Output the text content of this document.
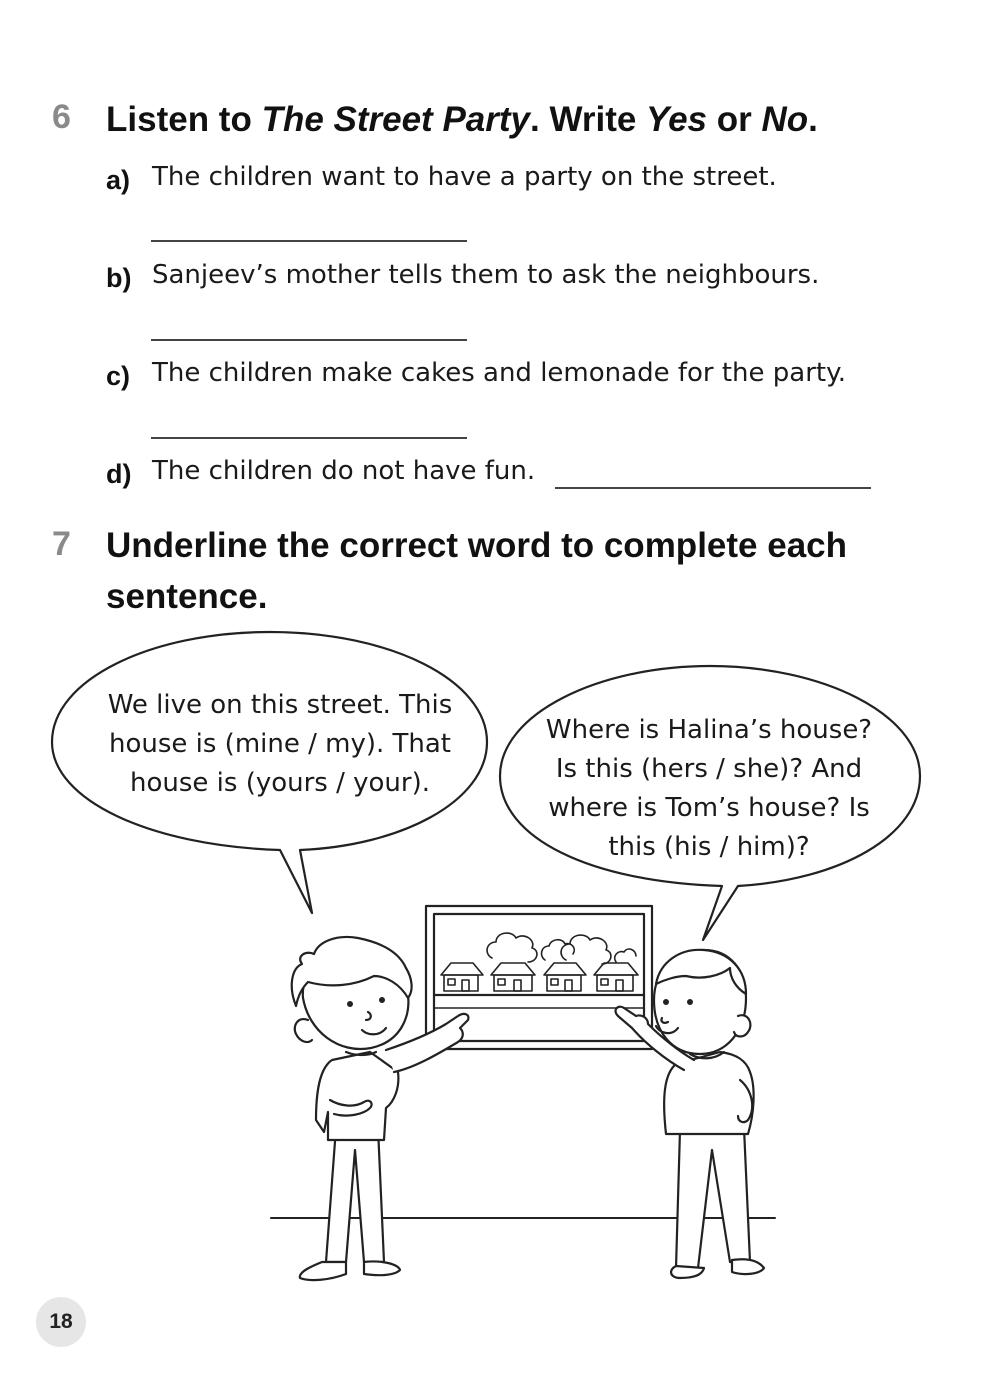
6 Listen to The Street Party. Write Yes or No.
a) The children want to have a party on the street.
b) Sanjeev’s mother tells them to ask the neighbours.
c) The children make cakes and lemonade for the party.
d) The children do not have fun.
7 Underline the correct word to complete each
sentence.
We live on this street. This
house is (mine / my). That
house is (yours / your).
Where is Halina’s house?
Is this (hers / she)? And
where is Tom’s house? Is
this (his / him)?
18
